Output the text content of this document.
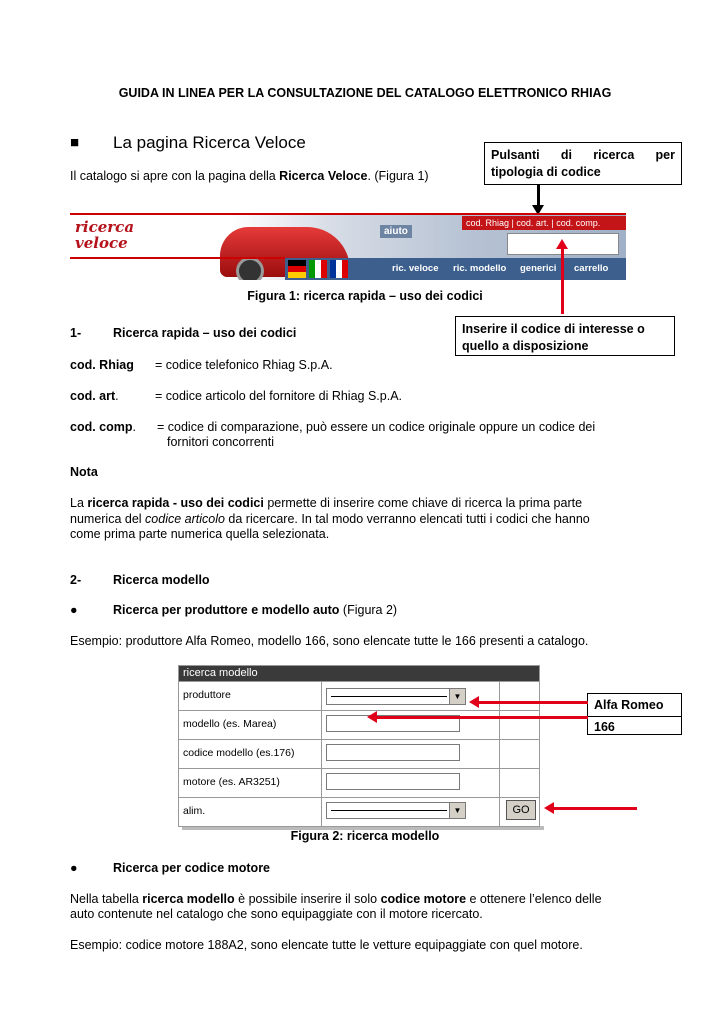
GUIDA IN LINEA PER LA CONSULTAZIONE DEL CATALOGO ELETTRONICO RHIAG
■ La pagina Ricerca Veloce
Il catalogo si apre con la pagina della Ricerca Veloce. (Figura 1)
Pulsanti di ricerca per tipologia di codice
ricerca
veloce
aiuto
cod. Rhiag | cod. art. | cod. comp.
ric. veloce ric. modello generici carrello
Figura 1: ricerca rapida – uso dei codici
Inserire il codice di interesse o quello a disposizione
1-	Ricerca rapida – uso dei codici
cod. Rhiag = codice telefonico Rhiag S.p.A.
cod. art.	= codice articolo del fornitore di Rhiag S.p.A.
cod. comp. = codice di comparazione, può essere un codice originale oppure un codice dei
fornitori concorrenti
Nota
La ricerca rapida - uso dei codici permette di inserire come chiave di ricerca la prima parte
numerica del codice articolo da ricercare. In tal modo verranno elencati tutti i codici che hanno
come prima parte numerica quella selezionata.
2-	Ricerca modello
●	Ricerca per produttore e modello auto (Figura 2)
Esempio: produttore Alfa Romeo, modello 166, sono elencate tutte le 166 presenti a catalogo.
ricerca modello
produttore	▼
modello (es. Marea)
codice modello (es.176)
motore (es. AR3251)
alim.	▼	GO
Alfa Romeo
166
Figura 2: ricerca modello
●	Ricerca per codice motore
Nella tabella ricerca modello è possibile inserire il solo codice motore e ottenere l’elenco delle
auto contenute nel catalogo che sono equipaggiate con il motore ricercato.
Esempio: codice motore 188A2, sono elencate tutte le vetture equipaggiate con quel motore.
